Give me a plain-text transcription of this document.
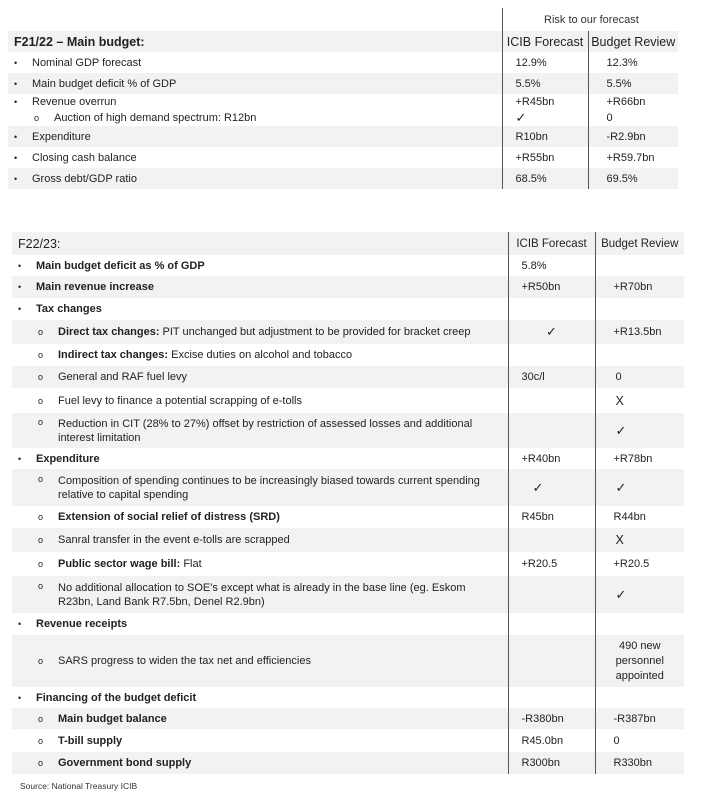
Risk to our forecast
F21/22 – Main budget:	ICIB Forecast	Budget Review
• Nominal GDP forecast	12.9%	12.3%
• Main budget deficit % of GDP	5.5%	5.5%
• Revenue overrun	+R45bn	+R66bn
o Auction of high demand spectrum: R12bn	✓	0
• Expenditure	R10bn	-R2.9bn
• Closing cash balance	+R55bn	+R59.7bn
• Gross debt/GDP ratio	68.5%	69.5%
F22/23:	ICIB Forecast	Budget Review
• Main budget deficit as % of GDP	5.8%	
• Main revenue increase	+R50bn	+R70bn
• Tax changes		
o Direct tax changes: PIT unchanged but adjustment to be provided for bracket creep	✓	+R13.5bn
o Indirect tax changes: Excise duties on alcohol and tobacco		
o General and RAF fuel levy	30c/l	0
o Fuel levy to finance a potential scrapping of e-tolls		X
o Reduction in CIT (28% to 27%) offset by restriction of assessed losses and additional interest limitation		✓
• Expenditure	+R40bn	+R78bn
o Composition of spending continues to be increasingly biased towards current spending relative to capital spending	✓	✓
o Extension of social relief of distress (SRD)	R45bn	R44bn
o Sanral transfer in the event e-tolls are scrapped		X
o Public sector wage bill: Flat	+R20.5	+R20.5
o No additional allocation to SOE's except what is already in the base line (eg. Eskom R23bn, Land Bank R7.5bn, Denel R2.9bn)		✓
• Revenue receipts		
o SARS progress to widen the tax net and efficiencies		490 new personnel appointed
• Financing of the budget deficit		
o Main budget balance	-R380bn	-R387bn
o T-bill supply	R45.0bn	0
o Government bond supply	R300bn	R330bn
Source: National Treasury ICIB
